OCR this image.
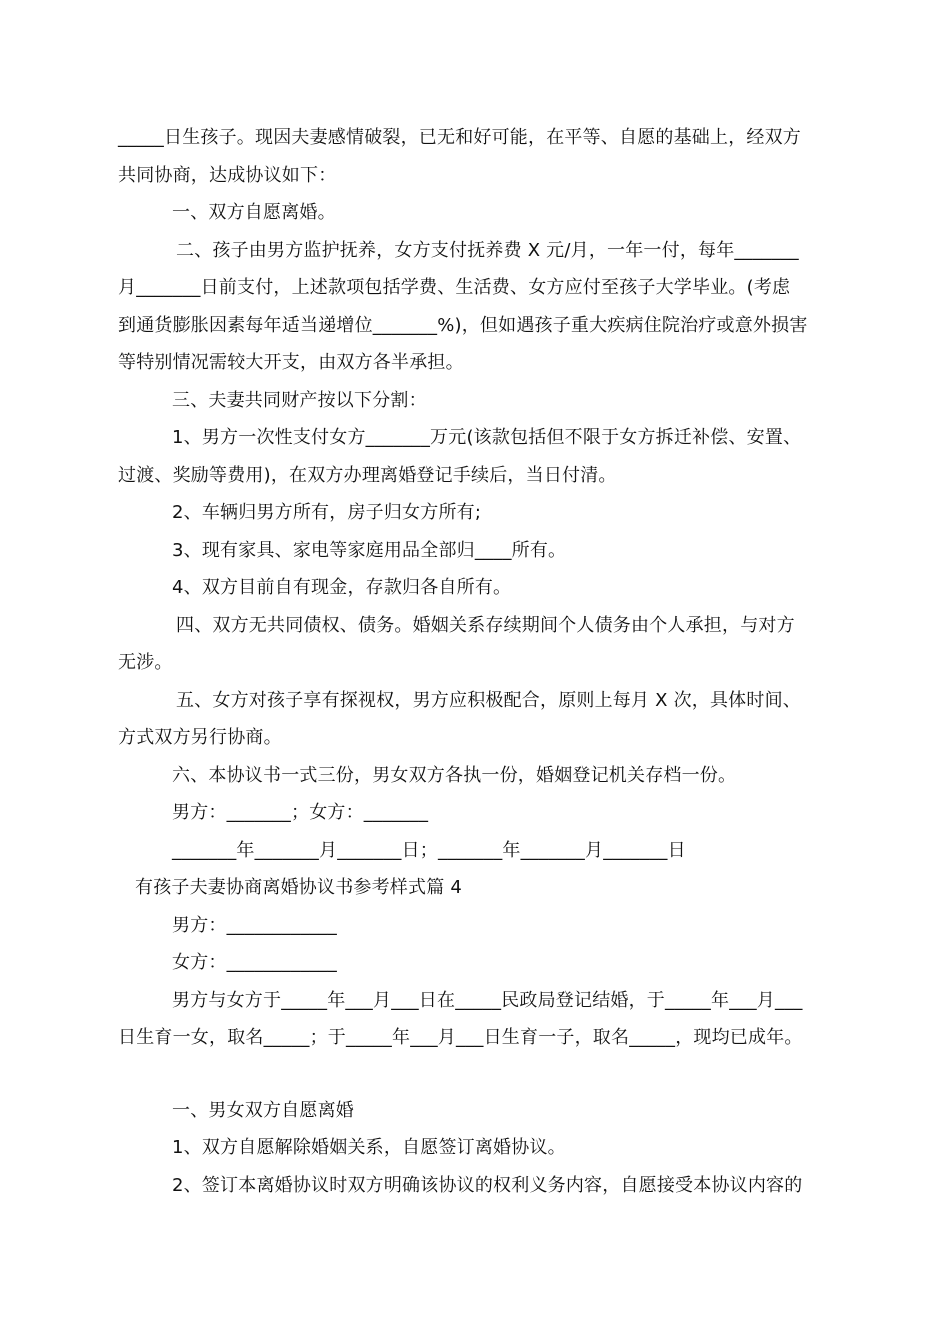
_____日生孩子。现因夫妻感情破裂，已无和好可能，在平等、自愿的基础上，经双方
共同协商，达成协议如下：
一、双方自愿离婚。
二、孩子由男方监护抚养，女方支付抚养费 X 元/月，一年一付，每年_______
月_______日前支付，上述款项包括学费、生活费、女方应付至孩子大学毕业。(考虑
到通货膨胀因素每年适当递增位_______%)，但如遇孩子重大疾病住院治疗或意外损害
等特别情况需较大开支，由双方各半承担。
三、夫妻共同财产按以下分割：
1、男方一次性支付女方_______万元(该款包括但不限于女方拆迁补偿、安置、
过渡、奖励等费用)，在双方办理离婚登记手续后，当日付清。
2、车辆归男方所有，房子归女方所有;
3、现有家具、家电等家庭用品全部归____所有。
4、双方目前自有现金，存款归各自所有。
四、双方无共同债权、债务。婚姻关系存续期间个人债务由个人承担，与对方
无涉。
五、女方对孩子享有探视权，男方应积极配合，原则上每月 X 次，具体时间、
方式双方另行协商。
六、本协议书一式三份，男女双方各执一份，婚姻登记机关存档一份。
男方：_______；女方：_______
_______年_______月_______日；_______年_______月_______日
有孩子夫妻协商离婚协议书参考样式篇 4
男方：____________
女方：____________
男方与女方于_____年___月___日在_____民政局登记结婚，于_____年___月___
日生育一女，取名_____；于_____年___月___日生育一子，取名_____，现均已成年。
一、男女双方自愿离婚
1、双方自愿解除婚姻关系，自愿签订离婚协议。
2、签订本离婚协议时双方明确该协议的权利义务内容，自愿接受本协议内容的
